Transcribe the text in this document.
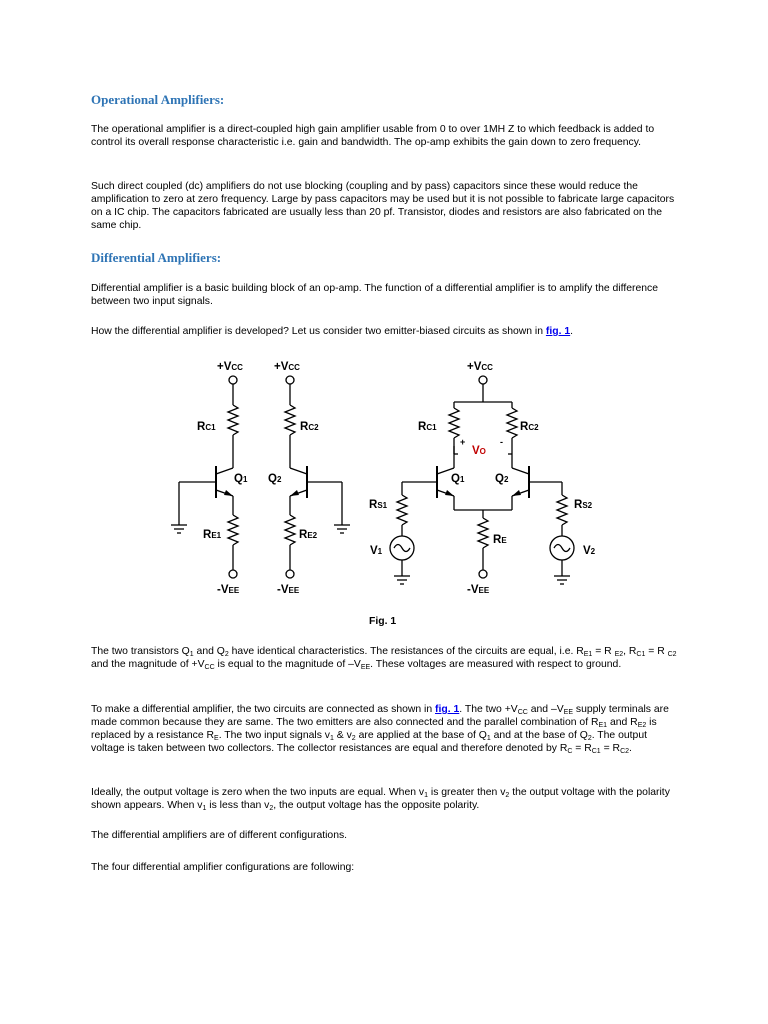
Operational Amplifiers:

The operational amplifier is a direct-coupled high gain amplifier usable from 0 to over 1MH Z to which feedback is added to control its overall response characteristic i.e. gain and bandwidth. The op-amp exhibits the gain down to zero frequency.

Such direct coupled (dc) amplifiers do not use blocking (coupling and by pass) capacitors since these would reduce the amplification to zero at zero frequency. Large by pass capacitors may be used but it is not possible to fabricate large capacitors on a IC chip. The capacitors fabricated are usually less than 20 pf. Transistor, diodes and resistors are also fabricated on the same chip.

Differential Amplifiers:

Differential amplifier is a basic building block of an op-amp. The function of a differential amplifier is to amplify the difference between two input signals.

How the differential amplifier is developed? Let us consider two emitter-biased circuits as shown in fig. 1.

+VCC	+VCC	+VCC
RC1	RC2	RC1	RC2
Q1 Q2	Q1	Q2
RE1	RE2	RE
RS1	RS2
V1	V2
-VEE	-VEE	-VEE
+
VO
-
Fig. 1

The two transistors $Q_1$ and $Q_2$ have identical characteristics. The resistances of the circuits are equal, i.e. $R_{E1} = R$ $_{E2}$, $R_{C1} = R$ $_{C2}$ and the magnitude of $+V_{CC}$ is equal to the magnitude of $-V_{EE}$. These voltages are measured with respect to ground.

To make a differential amplifier, the two circuits are connected as shown in fig. 1. The two $+V_{CC}$ and $-V_{EE}$ supply terminals are made common because they are same. The two emitters are also connected and the parallel combination of $R_{E1}$ and $R_{E2}$ is replaced by a resistance $R_E$. The two input signals $v_1$ & $v_2$ are applied at the base of $Q_1$ and at the base of $Q_2$. The output voltage is taken between two collectors. The collector resistances are equal and therefore denoted by $R_C = R_{C1} = R_{C2}$.

Ideally, the output voltage is zero when the two inputs are equal. When $v_1$ is greater then $v_2$ the output voltage with the polarity shown appears. When $v_1$ is less than $v_2$, the output voltage has the opposite polarity.

The differential amplifiers are of different configurations.

The four differential amplifier configurations are following:
